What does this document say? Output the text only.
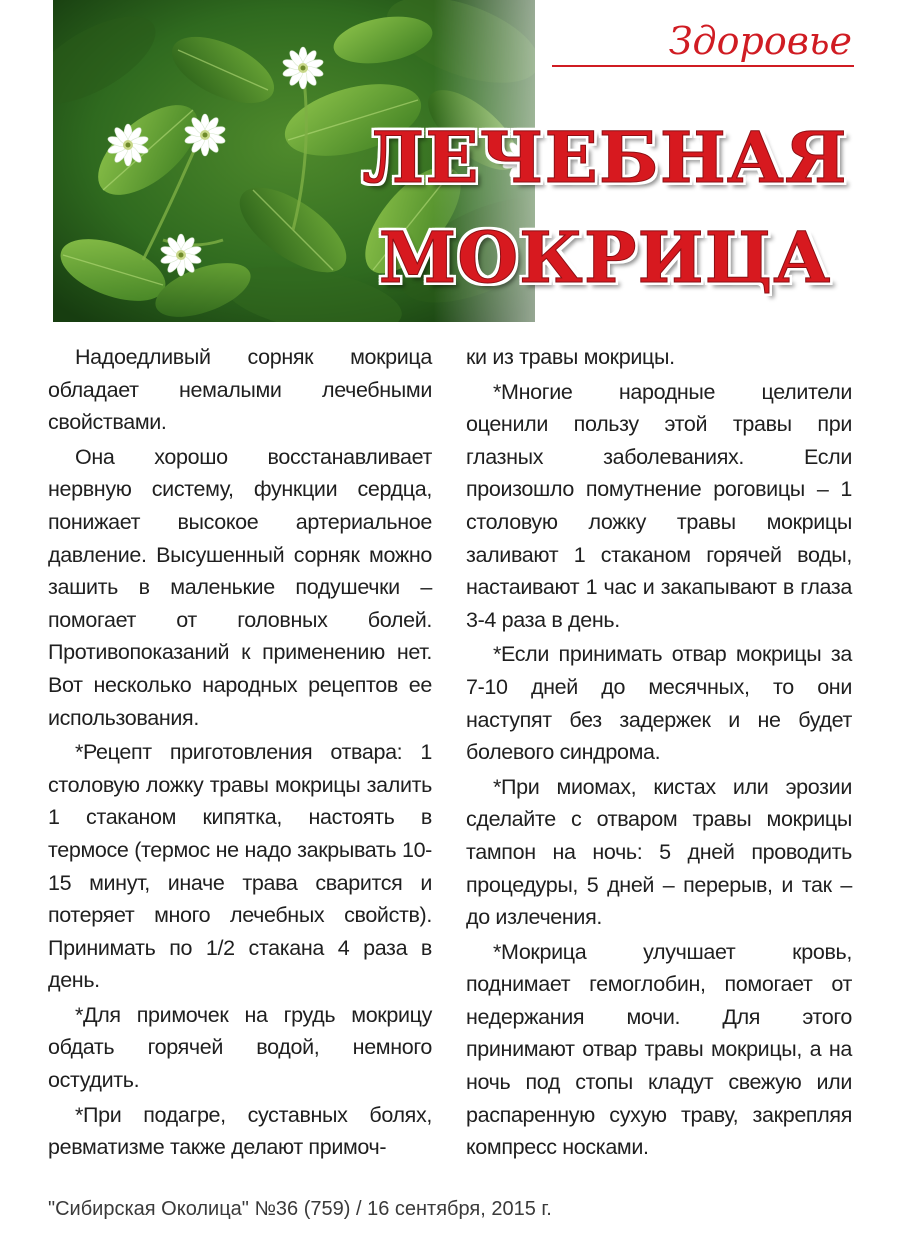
Здоровье
ЛЕЧЕБНАЯ
МОКРИЦА

Надоедливый сорняк мокрица обладает немалыми лечебными свойствами.

Она хорошо восстанавливает нервную систему, функции сердца, понижает высокое артериальное давление. Высушенный сорняк можно зашить в маленькие подушечки – помогает от головных болей. Противопоказаний к применению нет. Вот несколько народных рецептов ее использования.

*Рецепт приготовления отвара: 1 столовую ложку травы мокрицы залить 1 стаканом кипятка, настоять в термосе (термос не надо закрывать 10-15 минут, иначе трава сварится и потеряет много лечебных свойств). Принимать по 1/2 стакана 4 раза в день.

*Для примочек на грудь мокрицу обдать горячей водой, немного остудить.

*При подагре, суставных болях, ревматизме также делают примоч-

ки из травы мокрицы.

*Многие народные целители оценили пользу этой травы при глазных заболеваниях. Если произошло помутнение роговицы – 1 столовую ложку травы мокрицы заливают 1 стаканом горячей воды, настаивают 1 час и закапывают в глаза 3-4 раза в день.

*Если принимать отвар мокрицы за 7-10 дней до месячных, то они наступят без задержек и не будет болевого синдрома.

*При миомах, кистах или эрозии сделайте с отваром травы мокрицы тампон на ночь: 5 дней проводить процедуры, 5 дней – перерыв, и так – до излечения.

*Мокрица улучшает кровь, поднимает гемоглобин, помогает от недержания мочи. Для этого принимают отвар травы мокрицы, а на ночь под стопы кладут свежую или распаренную сухую траву, закрепляя компресс носками.

"Сибирская Околица" №36 (759) / 16 сентября, 2015 г.
